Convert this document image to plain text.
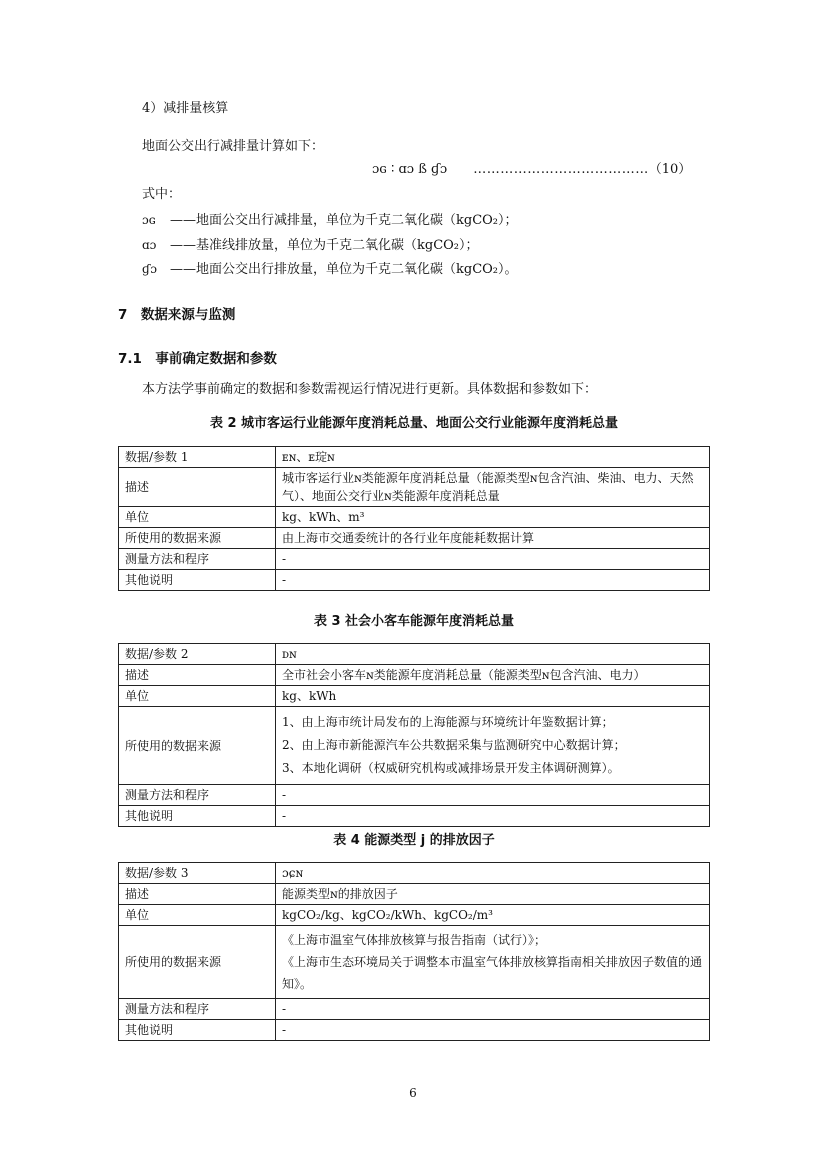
4）减排量核算
地面公交出行减排量计算如下：
ɔɢ ∶ ɑɔ ß ɠɔ …………………………………（10）
式中：
ɔɢ ——地面公交出行减排量，单位为千克二氧化碳（kgCO₂）；
ɑɔ ——基准线排放量，单位为千克二氧化碳（kgCO₂）；
ɠɔ ——地面公交出行排放量，单位为千克二氧化碳（kgCO₂）。
7　数据来源与监测
7.1　事前确定数据和参数
本方法学事前确定的数据和参数需视运行情况进行更新。具体数据和参数如下：
表 2 城市客运行业能源年度消耗总量、地面公交行业能源年度消耗总量
数据/参数 1	ᴇɴ、ᴇ琔ɴ
描述	城市客运行业ɴ类能源年度消耗总量（能源类型ɴ包含汽油、柴油、电力、天然气）、地面公交行业ɴ类能源年度消耗总量
单位	kg、kWh、m³
所使用的数据来源	由上海市交通委统计的各行业年度能耗数据计算
测量方法和程序	-
其他说明	-
表 3 社会小客车能源年度消耗总量
数据/参数 2	ᴅɴ
描述	全市社会小客车ɴ类能源年度消耗总量（能源类型ɴ包含汽油、电力）
单位	kg、kWh
所使用的数据来源	1、由上海市统计局发布的上海能源与环境统计年鉴数据计算；
2、由上海市新能源汽车公共数据采集与监测研究中心数据计算；
3、本地化调研（权威研究机构或减排场景开发主体调研测算）。

测量方法和程序	-
其他说明	-
表 4 能源类型 j 的排放因子
数据/参数 3	ɔɕɴ
描述	能源类型ɴ的排放因子
单位	kgCO₂/kg、kgCO₂/kWh、kgCO₂/m³
所使用的数据来源	《上海市温室气体排放核算与报告指南（试行）》；
《上海市生态环境局关于调整本市温室气体排放核算指南相关排放因子数值的通知》。

测量方法和程序	-
其他说明	-
6
